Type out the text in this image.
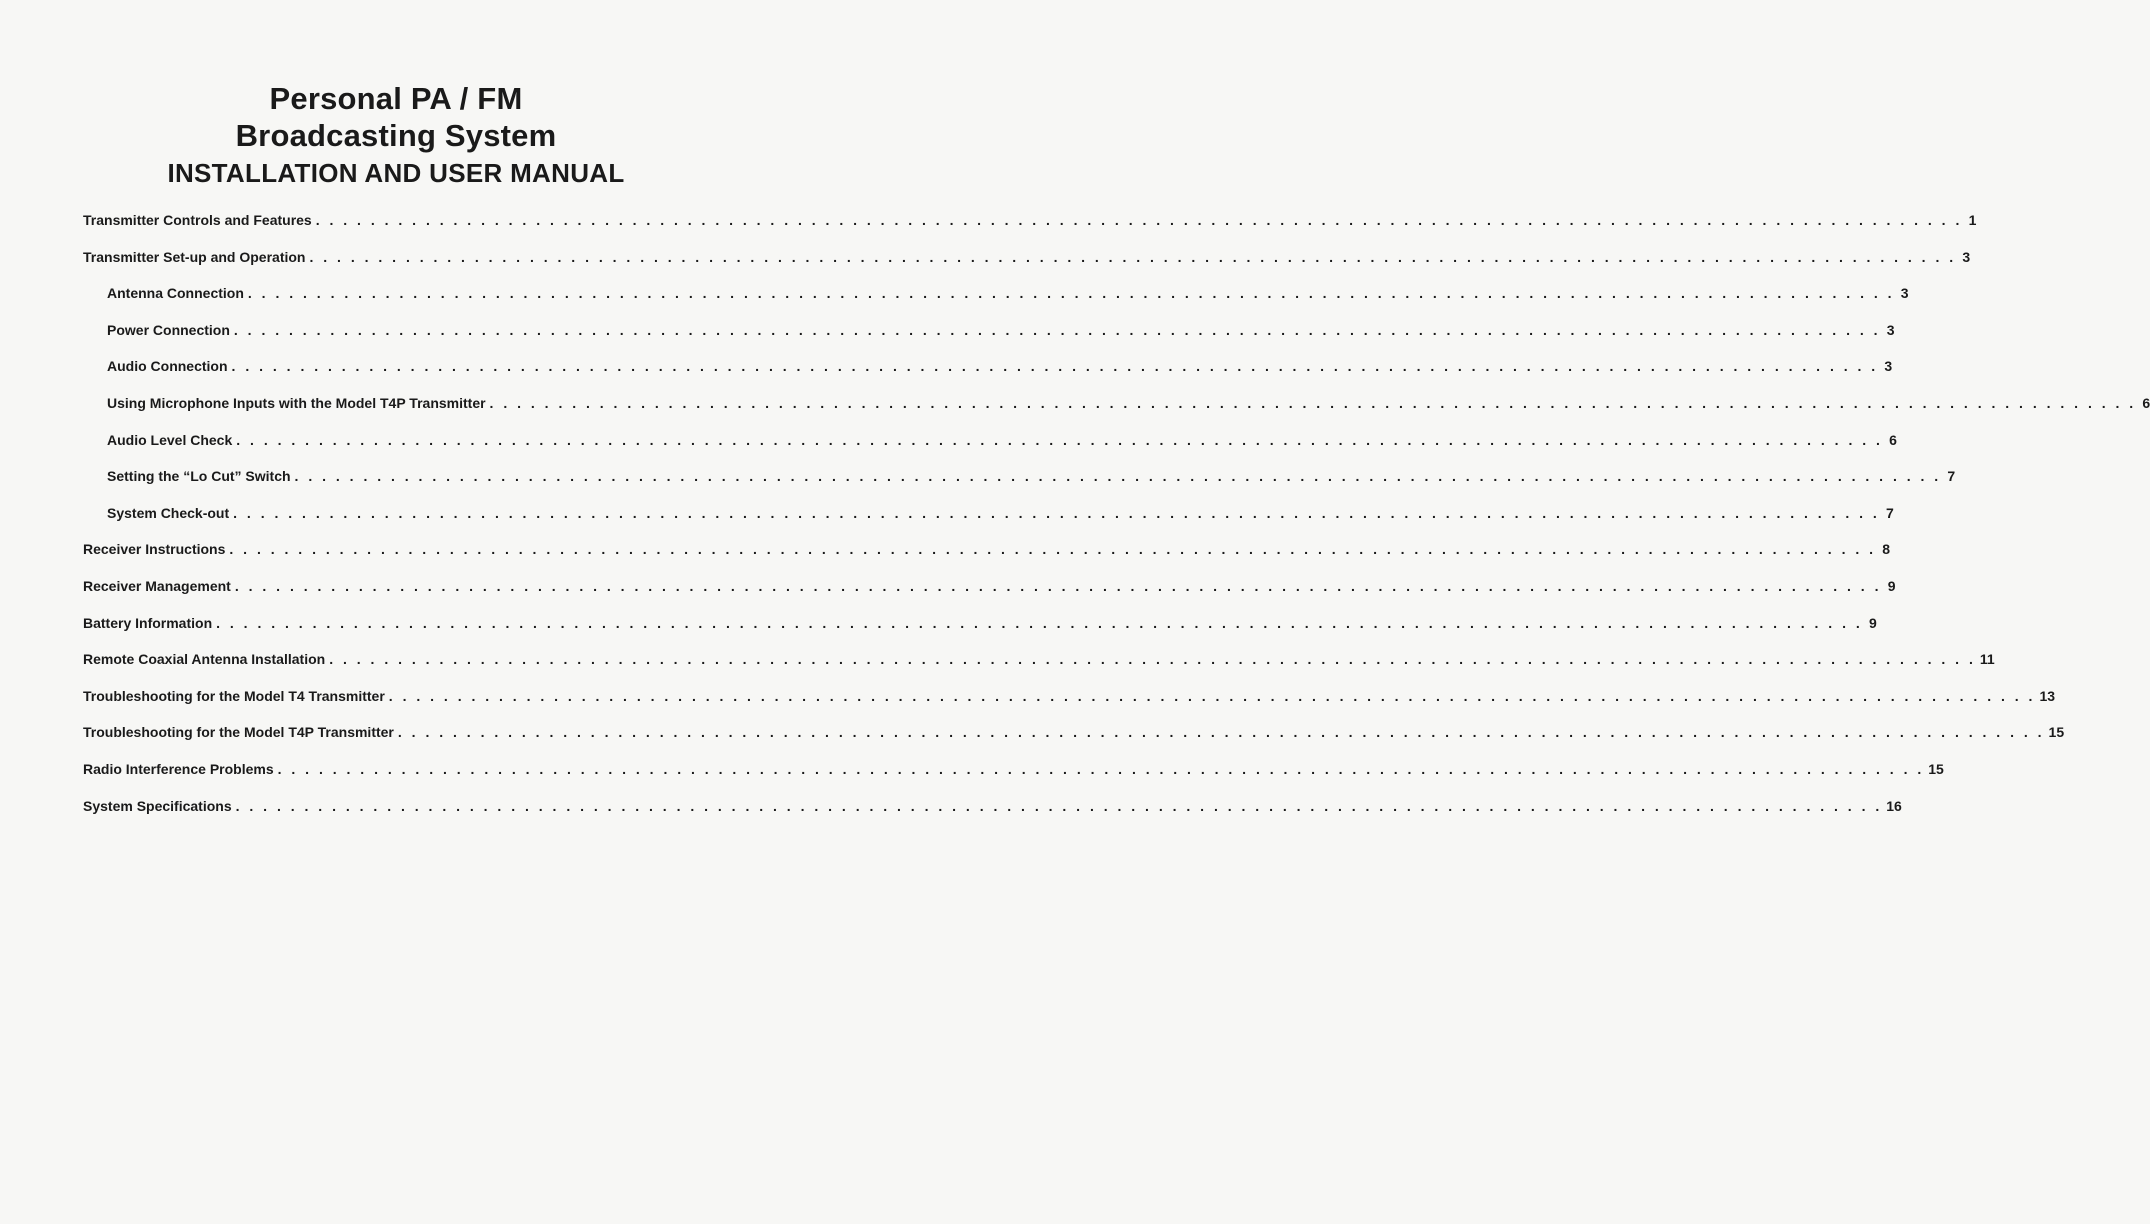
Personal PA / FM
Broadcasting System
INSTALLATION AND USER MANUAL
Transmitter Controls and Features . . . . . . . . . . . . . . . . . . . . . . . . . . . . . . . . . . . . . . . . . . . . . . . . . . . . . . . . . . . . . . . . . . . . . . . . . . . . . . . . . . . . . . . . . . . . . . . . . . . . . . . . . . . . . . . . . . . . . . . . 1
Transmitter Set-up and Operation . . . . . . . . . . . . . . . . . . . . . . . . . . . . . . . . . . . . . . . . . . . . . . . . . . . . . . . . . . . . . . . . . . . . . . . . . . . . . . . . . . . . . . . . . . . . . . . . . . . . . . . . . . . . . . . . . . . . . . . . 3
Antenna Connection . . . . . . . . . . . . . . . . . . . . . . . . . . . . . . . . . . . . . . . . . . . . . . . . . . . . . . . . . . . . . . . . . . . . . . . . . . . . . . . . . . . . . . . . . . . . . . . . . . . . . . . . . . . . . . . . . . . . . . . . 3
Power Connection . . . . . . . . . . . . . . . . . . . . . . . . . . . . . . . . . . . . . . . . . . . . . . . . . . . . . . . . . . . . . . . . . . . . . . . . . . . . . . . . . . . . . . . . . . . . . . . . . . . . . . . . . . . . . . . . . . . . . . . . 3
Audio Connection . . . . . . . . . . . . . . . . . . . . . . . . . . . . . . . . . . . . . . . . . . . . . . . . . . . . . . . . . . . . . . . . . . . . . . . . . . . . . . . . . . . . . . . . . . . . . . . . . . . . . . . . . . . . . . . . . . . . . . . . 3
Using Microphone Inputs with the Model T4P Transmitter . . . . . . . . . . . . . . . . . . . . . . . . . . . . . . . . . . . . . . . . . . . . . . . . . . . . . . . . . . . . . . . . . . . . . . . . . . . . . . . . . . . . . . . . . . . . . . . . . . . . . . . . . . . . . . . . . . . . . . . . 6
Audio Level Check . . . . . . . . . . . . . . . . . . . . . . . . . . . . . . . . . . . . . . . . . . . . . . . . . . . . . . . . . . . . . . . . . . . . . . . . . . . . . . . . . . . . . . . . . . . . . . . . . . . . . . . . . . . . . . . . . . . . . . . . 6
Setting the “Lo Cut” Switch . . . . . . . . . . . . . . . . . . . . . . . . . . . . . . . . . . . . . . . . . . . . . . . . . . . . . . . . . . . . . . . . . . . . . . . . . . . . . . . . . . . . . . . . . . . . . . . . . . . . . . . . . . . . . . . . . . . . . . . . 7
System Check-out . . . . . . . . . . . . . . . . . . . . . . . . . . . . . . . . . . . . . . . . . . . . . . . . . . . . . . . . . . . . . . . . . . . . . . . . . . . . . . . . . . . . . . . . . . . . . . . . . . . . . . . . . . . . . . . . . . . . . . . . 7
Receiver Instructions . . . . . . . . . . . . . . . . . . . . . . . . . . . . . . . . . . . . . . . . . . . . . . . . . . . . . . . . . . . . . . . . . . . . . . . . . . . . . . . . . . . . . . . . . . . . . . . . . . . . . . . . . . . . . . . . . . . . . . . . 8
Receiver Management . . . . . . . . . . . . . . . . . . . . . . . . . . . . . . . . . . . . . . . . . . . . . . . . . . . . . . . . . . . . . . . . . . . . . . . . . . . . . . . . . . . . . . . . . . . . . . . . . . . . . . . . . . . . . . . . . . . . . . . . 9
Battery Information . . . . . . . . . . . . . . . . . . . . . . . . . . . . . . . . . . . . . . . . . . . . . . . . . . . . . . . . . . . . . . . . . . . . . . . . . . . . . . . . . . . . . . . . . . . . . . . . . . . . . . . . . . . . . . . . . . . . . . . . 9
Remote Coaxial Antenna Installation . . . . . . . . . . . . . . . . . . . . . . . . . . . . . . . . . . . . . . . . . . . . . . . . . . . . . . . . . . . . . . . . . . . . . . . . . . . . . . . . . . . . . . . . . . . . . . . . . . . . . . . . . . . . . . . . . . . . . . . . 11
Troubleshooting for the Model T4 Transmitter . . . . . . . . . . . . . . . . . . . . . . . . . . . . . . . . . . . . . . . . . . . . . . . . . . . . . . . . . . . . . . . . . . . . . . . . . . . . . . . . . . . . . . . . . . . . . . . . . . . . . . . . . . . . . . . . . . . . . . . . 13
Troubleshooting for the Model T4P Transmitter . . . . . . . . . . . . . . . . . . . . . . . . . . . . . . . . . . . . . . . . . . . . . . . . . . . . . . . . . . . . . . . . . . . . . . . . . . . . . . . . . . . . . . . . . . . . . . . . . . . . . . . . . . . . . . . . . . . . . . . . 15
Radio Interference Problems . . . . . . . . . . . . . . . . . . . . . . . . . . . . . . . . . . . . . . . . . . . . . . . . . . . . . . . . . . . . . . . . . . . . . . . . . . . . . . . . . . . . . . . . . . . . . . . . . . . . . . . . . . . . . . . . . . . . . . . . 15
System Specifications . . . . . . . . . . . . . . . . . . . . . . . . . . . . . . . . . . . . . . . . . . . . . . . . . . . . . . . . . . . . . . . . . . . . . . . . . . . . . . . . . . . . . . . . . . . . . . . . . . . . . . . . . . . . . . . . . . . . . . . . 16
